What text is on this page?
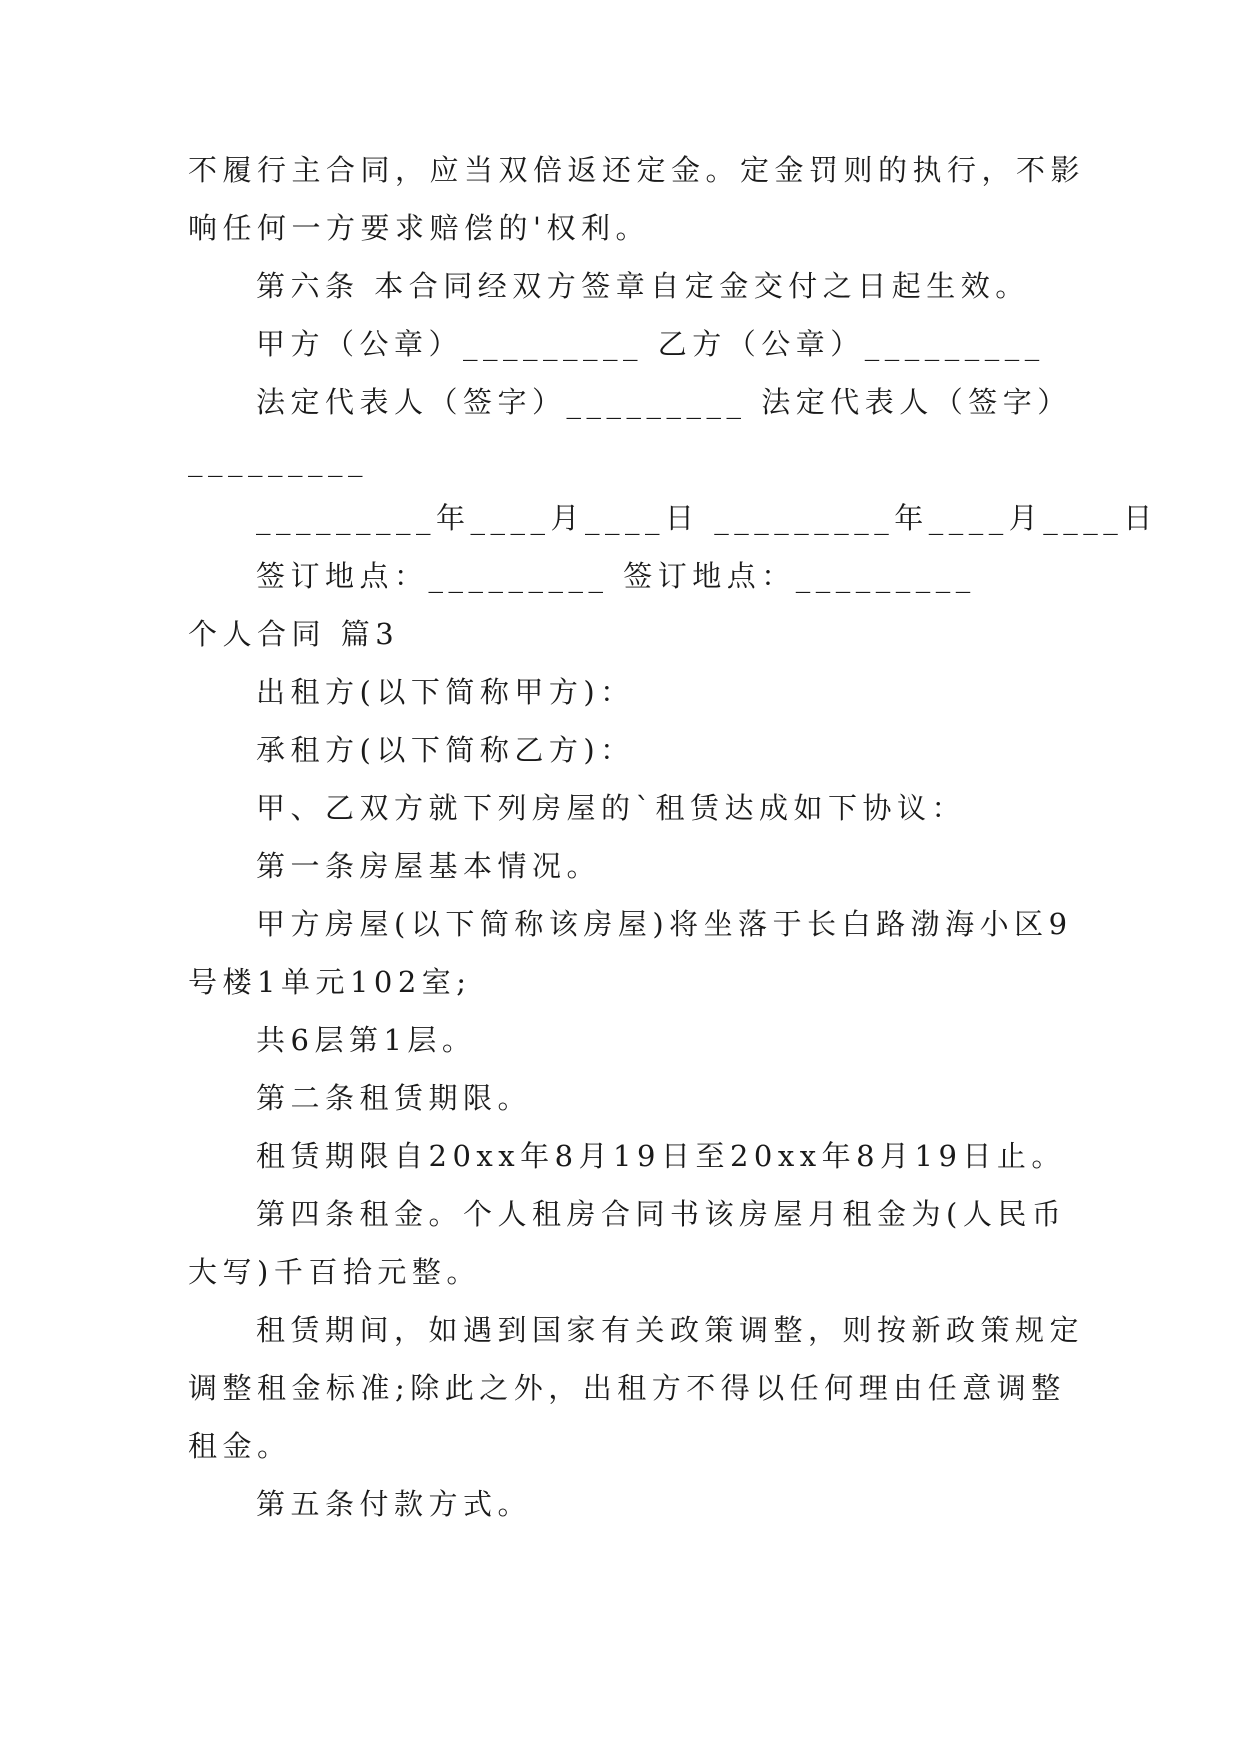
不履行主合同，应当双倍返还定金。定金罚则的执行，不影
响任何一方要求赔偿的'权利。
第六条 本合同经双方签章自定金交付之日起生效。
甲方（公章）_________ 乙方（公章）_________
法定代表人（签字）_________ 法定代表人（签字）
_________
_________年____月____日 _________年____月____日
签订地点：_________ 签订地点：_________
个人合同 篇3
出租方(以下简称甲方)：
承租方(以下简称乙方)：
甲、乙双方就下列房屋的`租赁达成如下协议：
第一条房屋基本情况。
甲方房屋(以下简称该房屋)将坐落于长白路渤海小区9
号楼1单元102室;
共6层第1层。
第二条租赁期限。
租赁期限自20xx年8月19日至20xx年8月19日止。
第四条租金。个人租房合同书该房屋月租金为(人民币
大写)千百拾元整。
租赁期间，如遇到国家有关政策调整，则按新政策规定
调整租金标准;除此之外，出租方不得以任何理由任意调整
租金。
第五条付款方式。
